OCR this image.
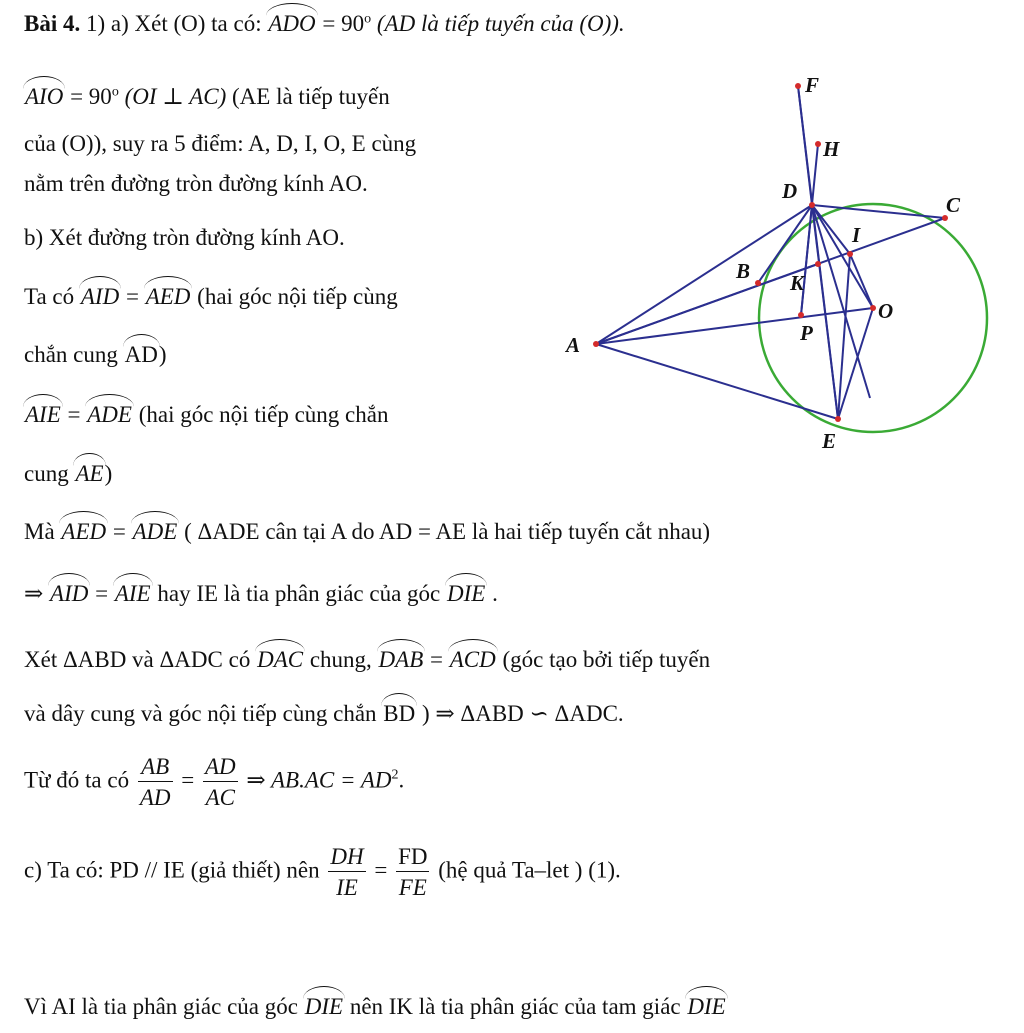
Bài 4. 1) a) Xét (O) ta có: ADO = $90^o$ (AD là tiếp tuyến của (O)).
AIO = $90^o$ (OI ⊥ AC) (AE là tiếp tuyến
của (O)), suy ra 5 điểm: A, D, I, O, E cùng
nằm trên đường tròn đường kính AO.
b) Xét đường tròn đường kính AO.
Ta có AID = AED (hai góc nội tiếp cùng
chắn cung AD)
AIE = ADE (hai góc nội tiếp cùng chắn
cung AE)
Mà AED = ADE ( ΔADE cân tại A do AD = AE là hai tiếp tuyến cắt nhau)
⇒ AID = AIE hay IE là tia phân giác của góc DIE .
Xét ΔABD và ΔADC có DAC chung, DAB = ACD (góc tạo bởi tiếp tuyến
và dây cung và góc nội tiếp cùng chắn BD ) ⇒ ΔABD ∽ ΔADC.
Từ đó ta có $\frac{AB}{AD} = \frac{AD}{AC}$ ⇒ $AB.AC = AD^2$.
c) Ta có: PD // IE (giả thiết) nên $\frac{DH}{IE} = \frac{FD}{FE}$ (hệ quả Ta–let ) (1).
Vì AI là tia phân giác của góc DIE nên IK là tia phân giác của tam giác DIE
F
H
D
C
I
B K
O
P
A
E
